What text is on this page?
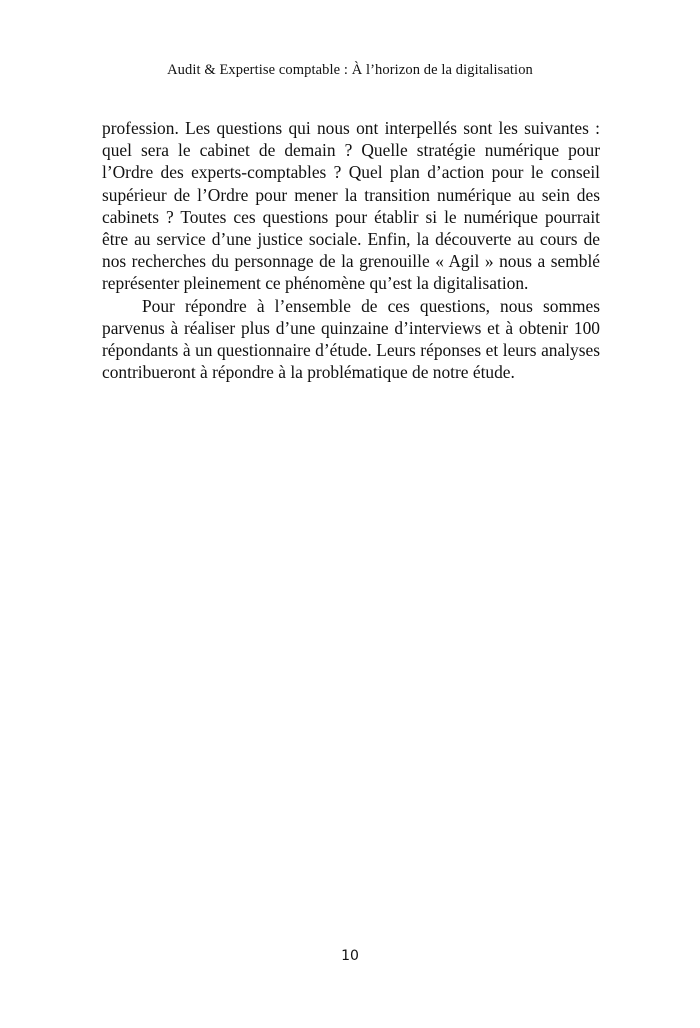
Audit & Expertise comptable : À l’horizon de la digitalisation

profession. Les questions qui nous ont interpellés sont les suivantes : quel sera le cabinet de demain ? Quelle stratégie numérique pour l’Ordre des experts-comptables ? Quel plan d’action pour le conseil supérieur de l’Ordre pour mener la transition numérique au sein des cabinets ? Toutes ces questions pour établir si le numérique pourrait être au service d’une justice sociale. Enfin, la découverte au cours de nos recherches du personnage de la grenouille « Agil » nous a semblé représenter pleinement ce phénomène qu’est la digitalisation.

Pour répondre à l’ensemble de ces questions, nous sommes parvenus à réaliser plus d’une quinzaine d’interviews et à obtenir 100 répondants à un questionnaire d’étude. Leurs réponses et leurs analyses contribueront à répondre à la problématique de notre étude.

10
